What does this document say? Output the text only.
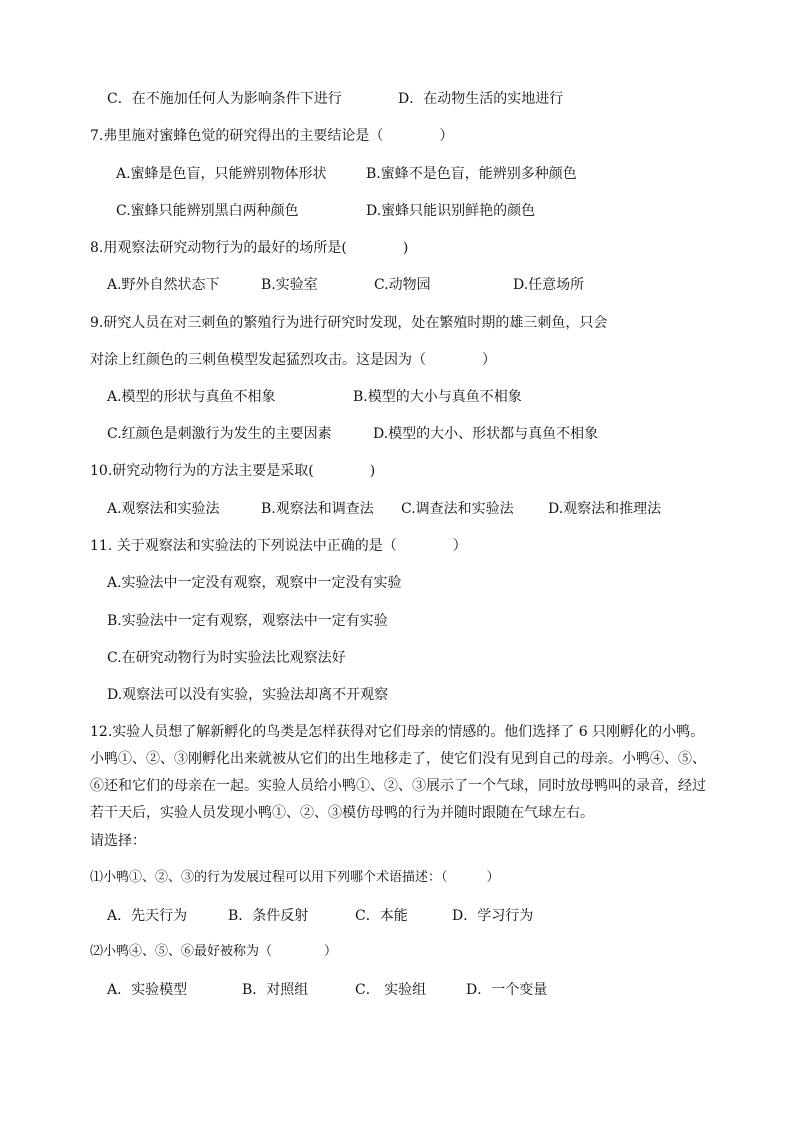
C．在不施加任何人为影响条件下进行	D．在动物生活的实地进行
7.弗里施对蜜蜂色觉的研究得出的主要结论是（　　　　）
A.蜜蜂是色盲，只能辨别物体形状	B.蜜蜂不是色盲，能辨别多种颜色
C.蜜蜂只能辨别黑白两种颜色	D.蜜蜂只能识别鲜艳的颜色
8.用观察法研究动物行为的最好的场所是(　　　　)
A.野外自然状态下	B.实验室	C.动物园	D.任意场所
9.研究人员在对三刺鱼的繁殖行为进行研究时发现，处在繁殖时期的雄三刺鱼，只会
对涂上红颜色的三刺鱼模型发起猛烈攻击。这是因为（　　　　）
A.模型的形状与真鱼不相象	B.模型的大小与真鱼不相象
C.红颜色是刺激行为发生的主要因素	D.模型的大小、形状都与真鱼不相象
10.研究动物行为的方法主要是采取(　　　　)
A.观察法和实验法	B.观察法和调查法 C.调查法和实验法 D.观察法和推理法
11. 关于观察法和实验法的下列说法中正确的是（　　　　）
A.实验法中一定没有观察，观察中一定没有实验
B.实验法中一定有观察，观察法中一定有实验
C.在研究动物行为时实验法比观察法好
D.观察法可以没有实验，实验法却离不开观察
12.实验人员想了解新孵化的鸟类是怎样获得对它们母亲的情感的。他们选择了 6 只刚孵化的小鸭。小鸭①、②、③刚孵化出来就被从它们的出生地移走了，使它们没有见到自己的母亲。小鸭④、⑤、⑥还和它们的母亲在一起。实验人员给小鸭①、②、③展示了一个气球，同时放母鸭叫的录音，经过若干天后，实验人员发现小鸭①、②、③模仿母鸭的行为并随时跟随在气球左右。
请选择：
⑴小鸭①、②、③的行为发展过程可以用下列哪个术语描述：（　　　）
A．先天行为	B．条件反射	C．本能	D．学习行为
⑵小鸭④、⑤、⑥最好被称为（　　　　）
A．实验模型	B．对照组	C． 实验组	D．一个变量
